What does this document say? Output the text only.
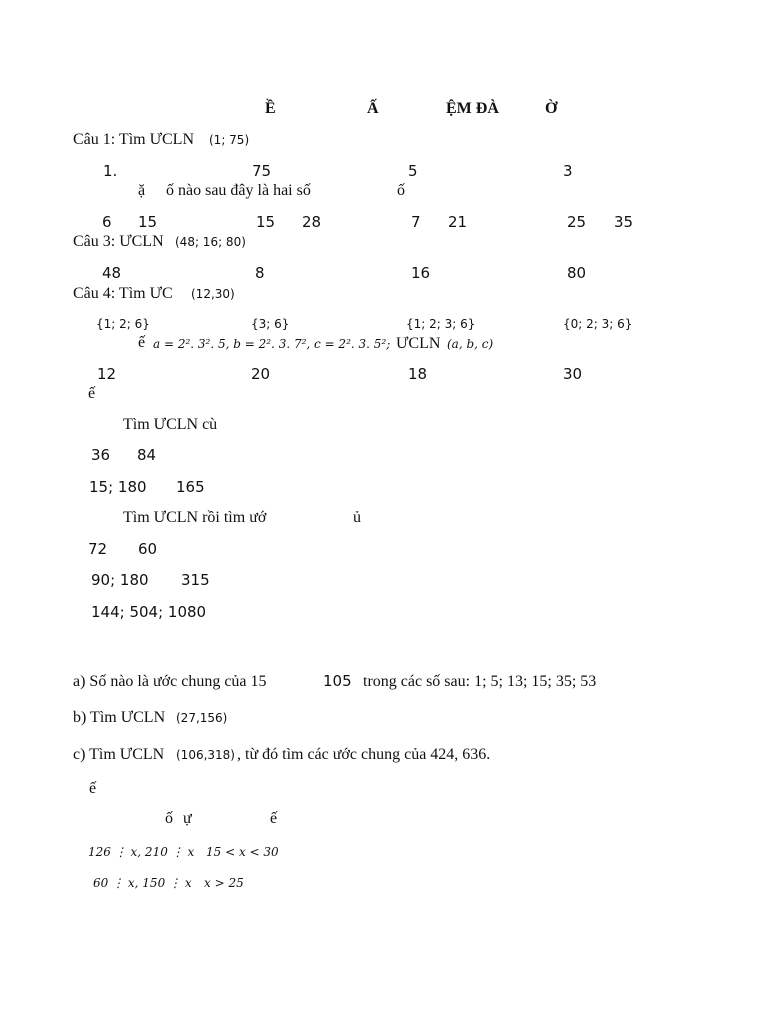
Ề	Ấ	ỆM ĐÀ	Ờ
Câu 1: Tìm ƯCLN (1; 75)
1.	75	5	3
ặ ố nào sau đây là hai số	ố
6 15	15 28	7 21	25 35
Câu 3: ƯCLN (48; 16; 80)
48	8	16	80
Câu 4: Tìm ƯC (12,30)
{1; 2; 6}	{3; 6}	{1; 2; 3; 6}	{0; 2; 3; 6}
ế a = 2². 3². 5, b = 2². 3. 7², c = 2². 3. 5²; ƯCLN (a, b, c)
12	20	18	30
ế
Tìm ƯCLN cù
36 84
15; 180 165
Tìm ƯCLN rồi tìm ướ	ủ
72 60
90; 180 315
144; 504; 1080
a) Số nào là ước chung của 15	105 trong các số sau: 1; 5; 13; 15; 35; 53
b) Tìm ƯCLN (27,156)
c) Tìm ƯCLN (106,318) , từ đó tìm các ước chung của 424, 636.
ế
ố ự	ế
126 ⋮ x, 210 ⋮ x 15 < x < 30
60 ⋮ x, 150 ⋮ x x > 25
